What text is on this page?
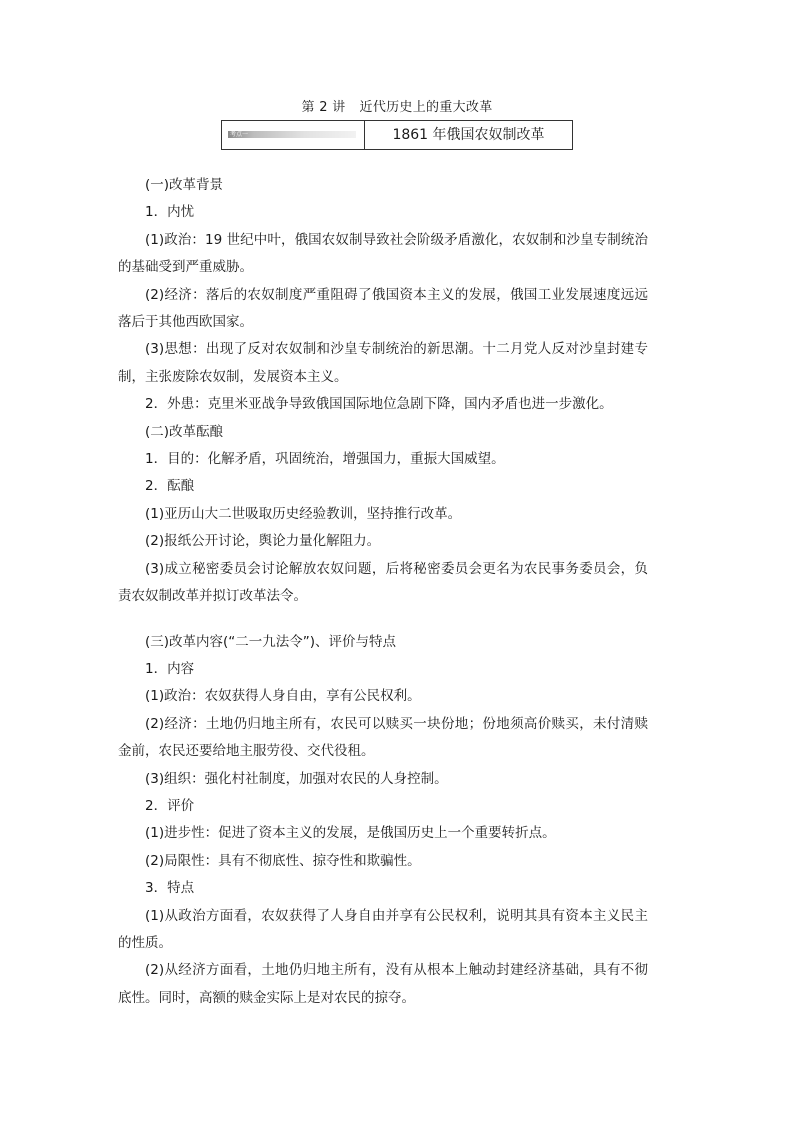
第 2 讲 近代历史上的重大改革
考点一	1861 年俄国农奴制改革

(一)改革背景

1．内忧

(1)政治：19 世纪中叶，俄国农奴制导致社会阶级矛盾激化，农奴制和沙皇专制统治的基础受到严重威胁。

(2)经济：落后的农奴制度严重阻碍了俄国资本主义的发展，俄国工业发展速度远远落后于其他西欧国家。

(3)思想：出现了反对农奴制和沙皇专制统治的新思潮。十二月党人反对沙皇封建专制，主张废除农奴制，发展资本主义。

2．外患：克里米亚战争导致俄国国际地位急剧下降，国内矛盾也进一步激化。

(二)改革酝酿

1．目的：化解矛盾，巩固统治，增强国力，重振大国威望。

2．酝酿

(1)亚历山大二世吸取历史经验教训，坚持推行改革。

(2)报纸公开讨论，舆论力量化解阻力。

(3)成立秘密委员会讨论解放农奴问题，后将秘密委员会更名为农民事务委员会，负责农奴制改革并拟订改革法令。

(三)改革内容(“二一九法令”)、评价与特点

1．内容

(1)政治：农奴获得人身自由，享有公民权利。

(2)经济：土地仍归地主所有，农民可以赎买一块份地；份地须高价赎买，未付清赎金前，农民还要给地主服劳役、交代役租。

(3)组织：强化村社制度，加强对农民的人身控制。

2．评价

(1)进步性：促进了资本主义的发展，是俄国历史上一个重要转折点。

(2)局限性：具有不彻底性、掠夺性和欺骗性。

3．特点

(1)从政治方面看，农奴获得了人身自由并享有公民权利，说明其具有资本主义民主的性质。

(2)从经济方面看，土地仍归地主所有，没有从根本上触动封建经济基础，具有不彻底性。同时，高额的赎金实际上是对农民的掠夺。
